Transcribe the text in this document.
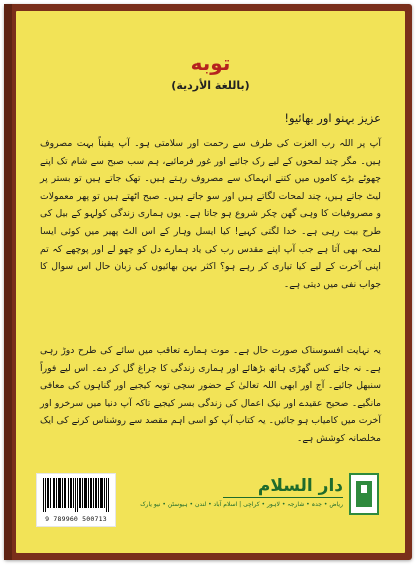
توبه
(باللغة الأردية)
عزیز بہنو اور بھائیو!
آپ پر اللہ رب العزت کی طرف سے رحمت اور سلامتی ہو۔ آپ یقیناً بہت مصروف ہیں۔ مگر چند لمحوں کے لیے رک جائیے اور غور فرمائیے، ہم سب صبح سے شام تک اپنے چھوٹے بڑے کاموں میں کتنے انہماک سے مصروف رہتے ہیں۔ تھک جاتے ہیں تو بستر پر لیٹ جاتے ہیں، چند لمحات لگاتے ہیں اور سو جاتے ہیں۔ صبح اٹھتے ہیں تو پھر معمولات و مصروفیات کا وہی گھن چکر شروع ہو جاتا ہے۔ یوں ہماری زندگی کولہو کے بیل کی طرح بیت رہی ہے۔ خدا لگتی کہیے! کیا ایسل وہار کے اس الٹ پھیر میں کوئی ایسا لمحہ بھی آتا ہے جب آپ اپنے مقدس رب کی یاد ہمارے دل کو چھو لے اور پوچھے کہ تم اپنی آخرت کے لیے کیا تیاری کر رہے ہو؟ اکثر بہن بھائیوں کی زبان حال اس سوال کا جواب نفی میں دیتی ہے۔
یہ نہایت افسوسناک صورت حال ہے۔ موت ہمارے تعاقب میں سائے کی طرح دوڑ رہی ہے۔ نہ جانے کس گھڑی ہاتھ بڑھائے اور ہماری زندگی کا چراغ گل کر دے۔ اس لیے فوراً سنبھل جائیے۔ آج اور ابھی اللہ تعالیٰ کے حضور سچی توبہ کیجیے اور گناہوں کی معافی مانگیے۔ صحیح عقیدے اور نیک اعمال کی زندگی بسر کیجیے تاکہ آپ دنیا میں سرخرو اور آخرت میں کامیاب ہو جائیں۔ یہ کتاب آپ کو اسی اہم مقصد سے روشناس کرنے کی ایک مخلصانہ کوشش ہے۔
دار السلام
ریاض • جدہ • شارجہ • لاہور • کراچی | اسلام آباد • لندن • ہیوسٹن • نیو یارک
9 789960 500713
